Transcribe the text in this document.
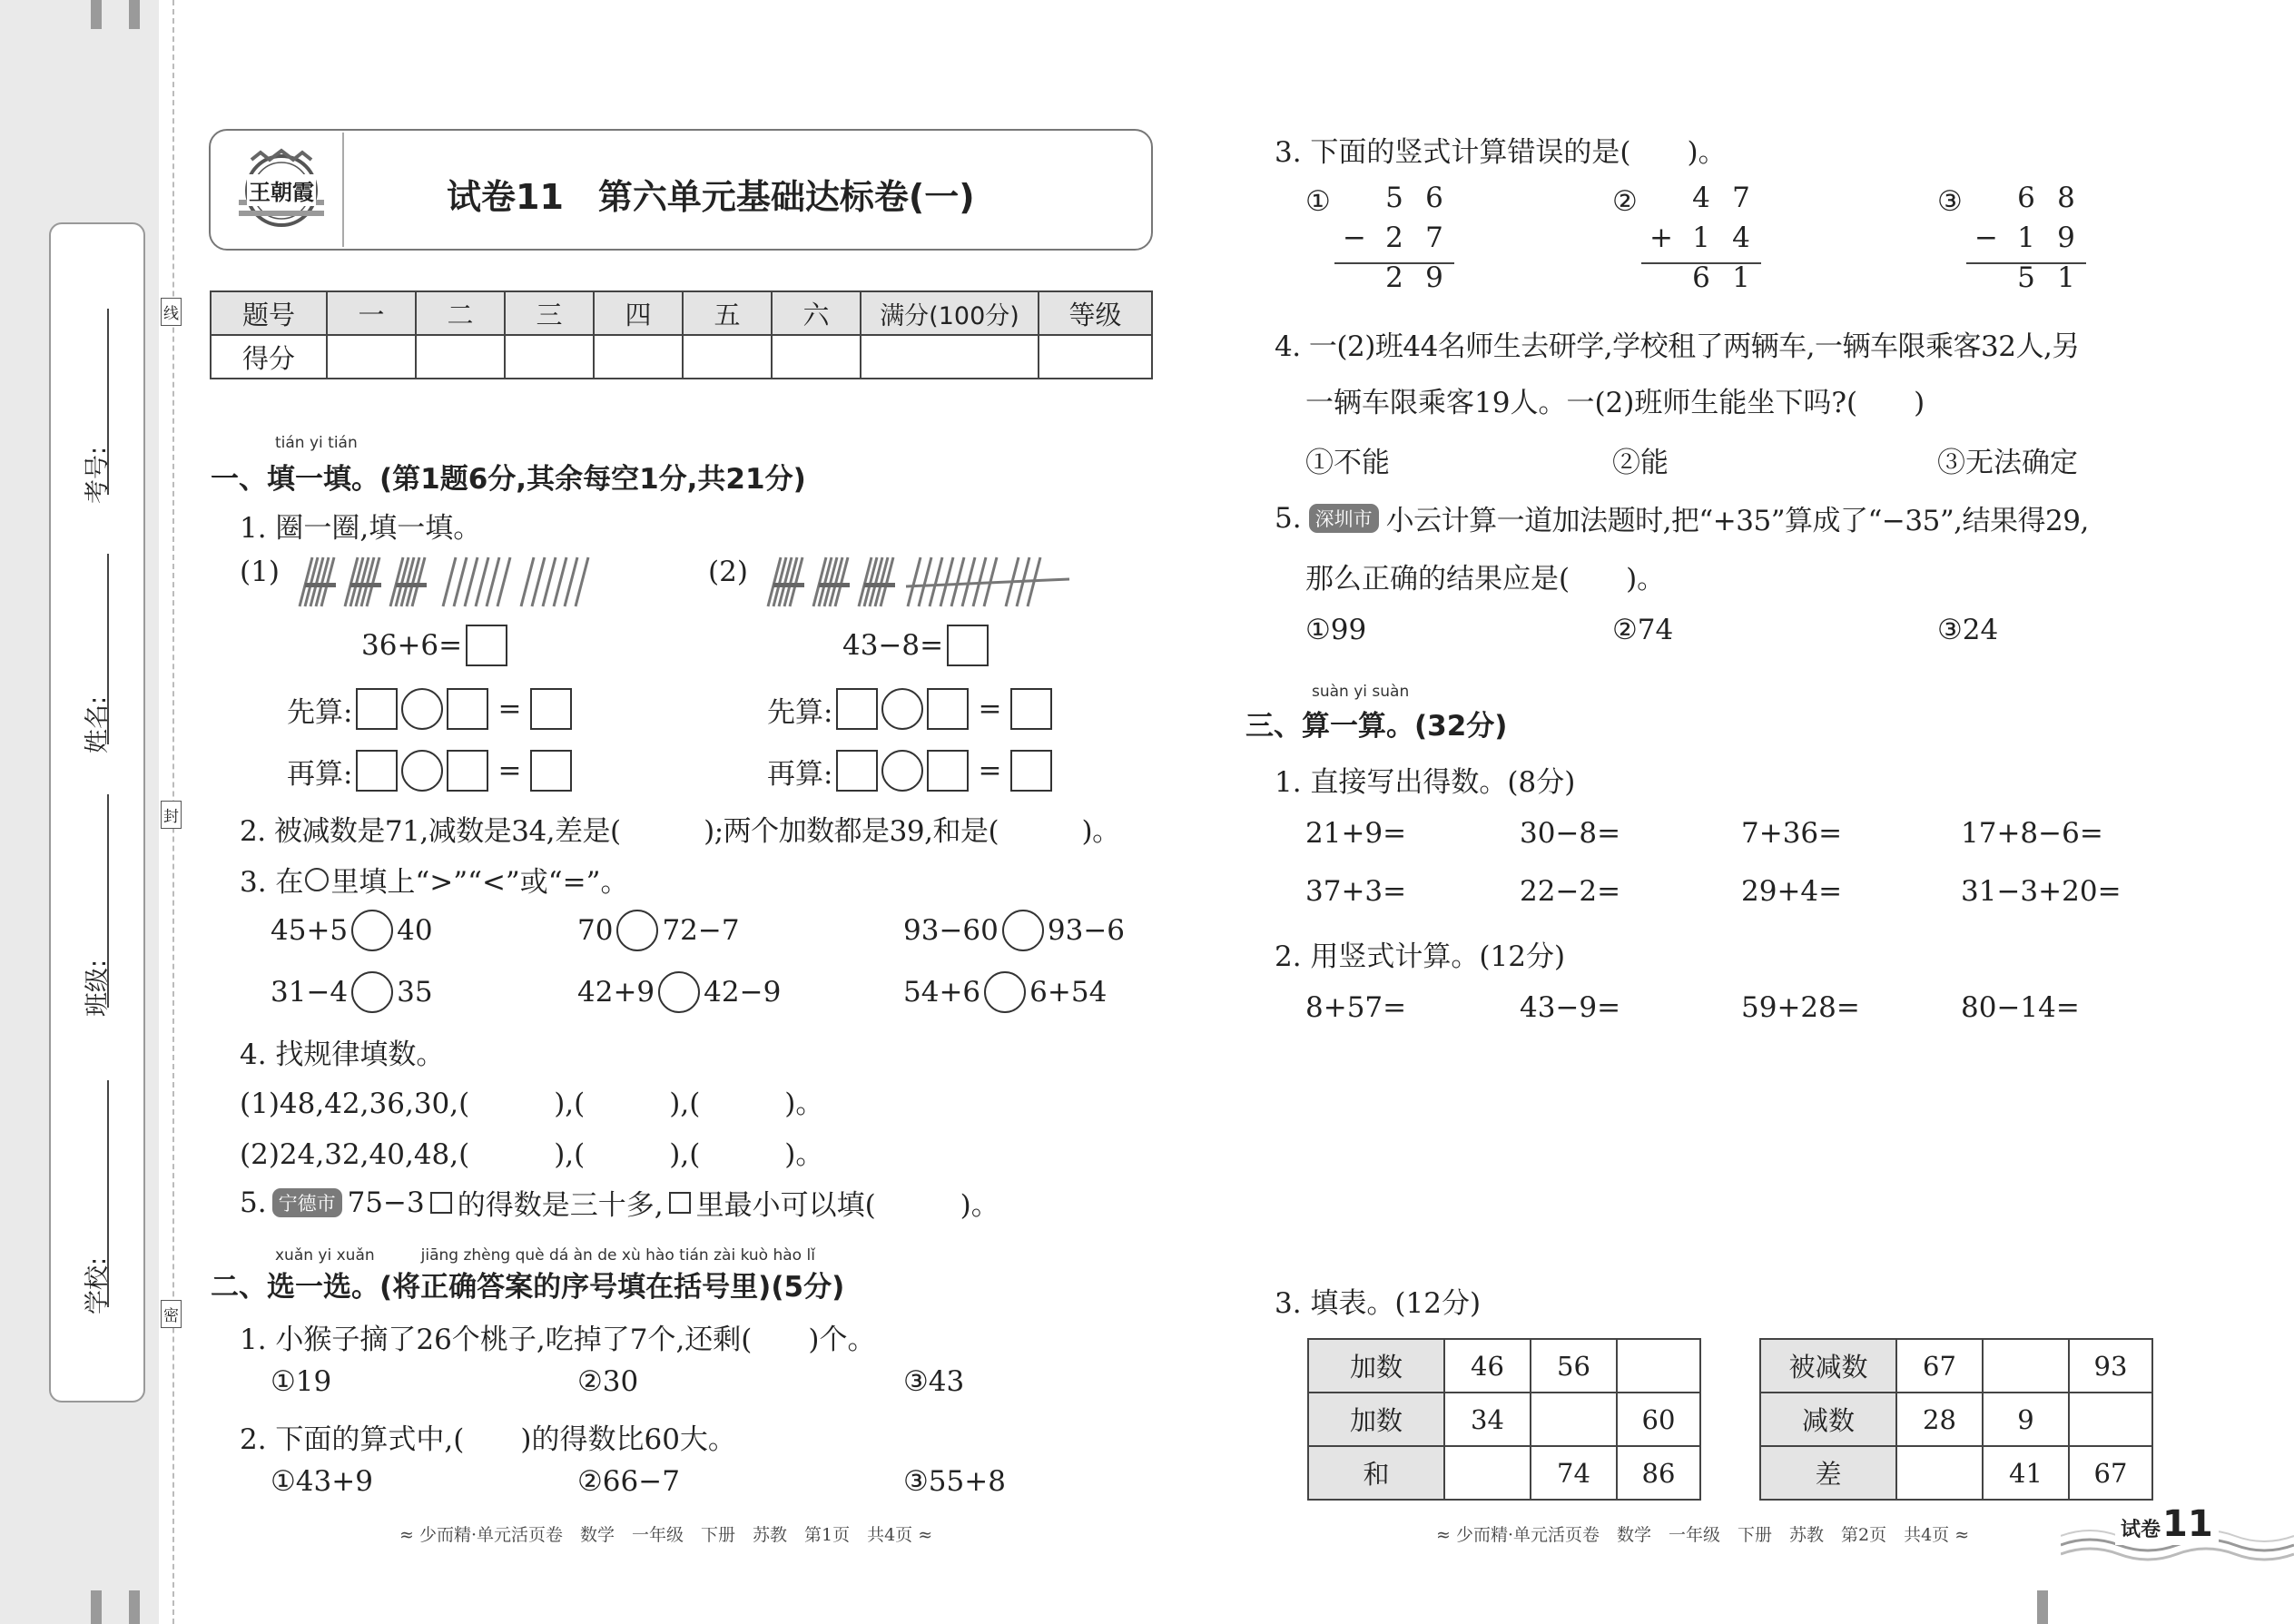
考号:
姓名:
班级:
学校:
线
封
密
王朝霞	试卷11　第六单元基础达标卷(一)
题号	一	二	三	四	五	六	满分(100分)	等级
得分								
tián yi tián
一、填一填。(第1题6分,其余每空1分,共21分)
1. 圈一圈,填一填。
(1)
36+6=
(2)
43−8=
先算:	=
再算:	=
先算:	=
再算:	=
2. 被减数是71,减数是34,差是(　　　);两个加数都是39,和是(　　　)。
3. 在 里填上“>”“<”或“=”。
45+5 40	70 72−7	93−60 93−6
31−4 35	42+9 42−9	54+6 6+54
4. 找规律填数。
(1)48,42,36,30,(　　　),(　　　),(　　　)。
(2)24,32,40,48,(　　　),(　　　),(　　　)。
5. 宁德市 75−3 的得数是三十多, 里最小可以填(　　　)。
xuǎn yi xuǎn　　　jiāng zhèng què dá àn de xù hào tián zài kuò hào lǐ
二、选一选。(将正确答案的序号填在括号里)(5分)
1. 小猴子摘了26个桃子,吃掉了7个,还剩(　　)个。
①19	②30	③43
2. 下面的算式中,(　　)的得数比60大。
①43+9	②66−7	③55+8
≈ 少而精·单元活页卷　数学　一年级　下册　苏教　第1页　共4页 ≈
3. 下面的竖式计算错误的是(　　)。
①	5 6
− 2 7
2 9
②	4 7
+ 1 4
6 1
③	6 8
− 1 9
5 1
4. 一(2)班44名师生去研学,学校租了两辆车,一辆车限乘客32人,另
一辆车限乘客19人。一(2)班师生能坐下吗?(　　)
①不能	②能	③无法确定
5. 深圳市 小云计算一道加法题时,把“+35”算成了“−35”,结果得29,
那么正确的结果应是(　　)。
①99	②74	③24
suàn yi suàn
三、算一算。(32分)
1. 直接写出得数。(8分)
21+9=	30−8=	7+36=	17+8−6=
37+3=	22−2=	29+4=	31−3+20=
2. 用竖式计算。(12分)
8+57=	43−9=	59+28=	80−14=
3. 填表。(12分)
加数	46	56	
加数	34		60
和		74	86
被减数	67		93
减数	28	9	
差		41	67
≈ 少而精·单元活页卷　数学　一年级　下册　苏教　第2页　共4页 ≈	试卷 11
